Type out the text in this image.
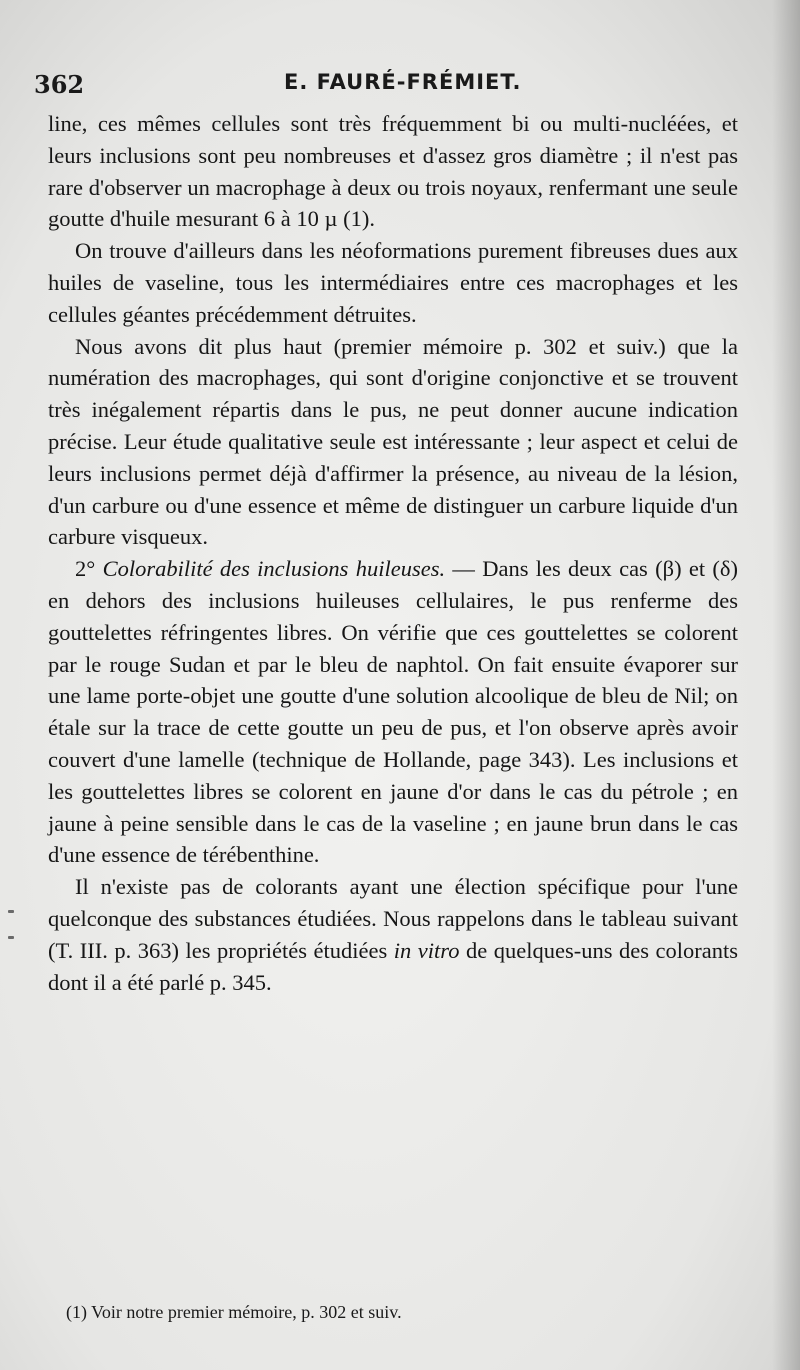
362	E. FAURÉ-FRÉMIET.

line, ces mêmes cellules sont très fréquemment bi ou multi-nucléées, et leurs inclusions sont peu nombreuses et d'assez gros diamètre ; il n'est pas rare d'observer un macrophage à deux ou trois noyaux, renfermant une seule goutte d'huile mesurant 6 à 10 µ (1).

On trouve d'ailleurs dans les néoformations purement fibreuses dues aux huiles de vaseline, tous les intermédiaires entre ces macrophages et les cellules géantes précédemment détruites.

Nous avons dit plus haut (premier mémoire p. 302 et suiv.) que la numération des macrophages, qui sont d'origine conjonctive et se trouvent très inégalement répartis dans le pus, ne peut donner aucune indication précise. Leur étude qualitative seule est intéressante ; leur aspect et celui de leurs inclusions permet déjà d'affirmer la présence, au niveau de la lésion, d'un carbure ou d'une essence et même de distinguer un carbure liquide d'un carbure visqueux.

2° Colorabilité des inclusions huileuses. — Dans les deux cas (β) et (δ) en dehors des inclusions huileuses cellulaires, le pus renferme des gouttelettes réfringentes libres. On vérifie que ces gouttelettes se colorent par le rouge Sudan et par le bleu de naphtol. On fait ensuite évaporer sur une lame porte-objet une goutte d'une solution alcoolique de bleu de Nil; on étale sur la trace de cette goutte un peu de pus, et l'on observe après avoir couvert d'une lamelle (technique de Hollande, page 343). Les inclusions et les gouttelettes libres se colorent en jaune d'or dans le cas du pétrole ; en jaune à peine sensible dans le cas de la vaseline ; en jaune brun dans le cas d'une essence de térébenthine.

Il n'existe pas de colorants ayant une élection spécifique pour l'une quelconque des substances étudiées. Nous rappelons dans le tableau suivant (T. III. p. 363) les propriétés étudiées in vitro de quelques-uns des colorants dont il a été parlé p. 345.

(1) Voir notre premier mémoire, p. 302 et suiv.
